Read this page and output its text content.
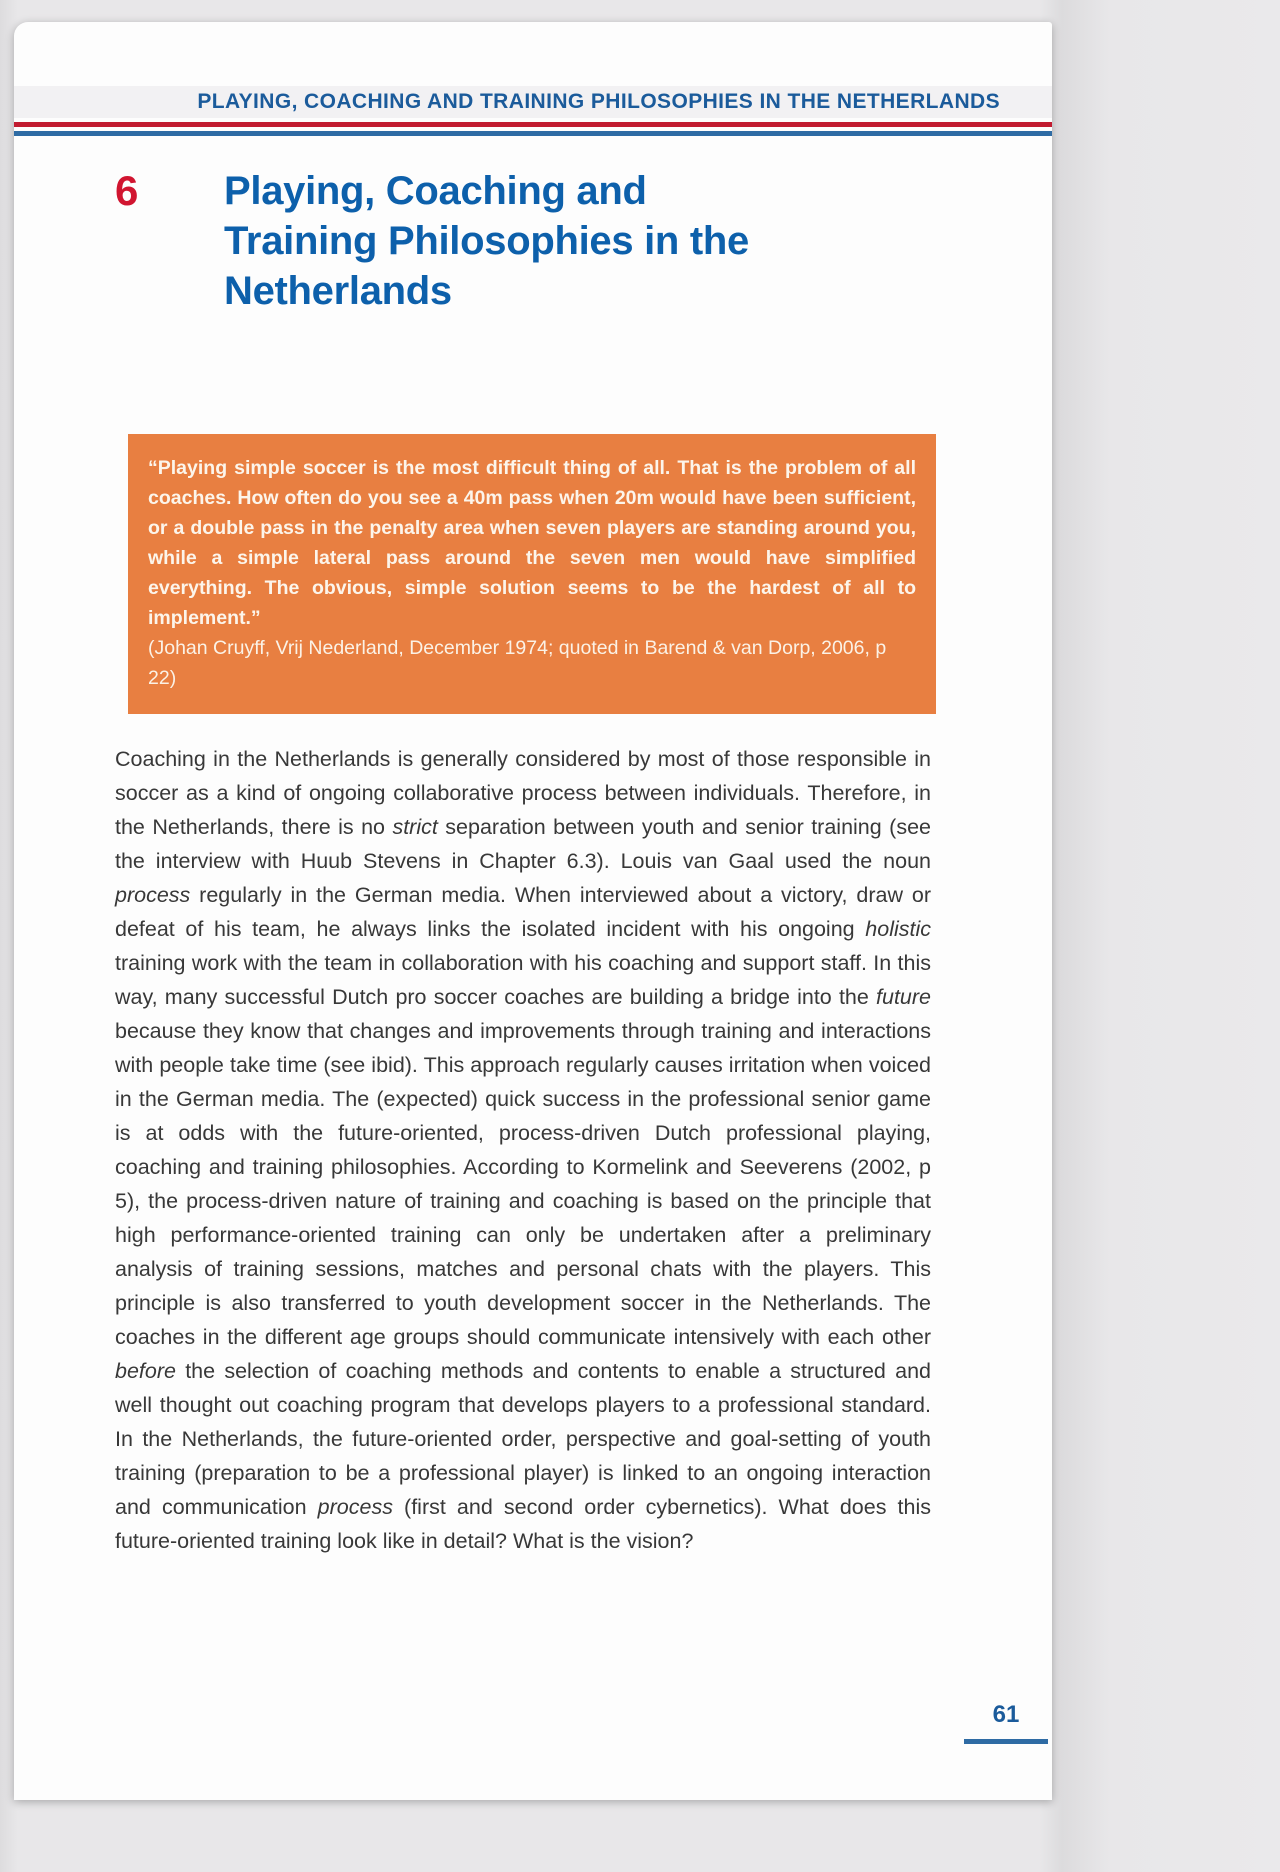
PLAYING, COACHING AND TRAINING PHILOSOPHIES IN THE NETHERLANDS
6	Playing, Coaching and Training Philosophies in the Netherlands

“Playing simple soccer is the most difficult thing of all. That is the problem of all coaches. How often do you see a 40m pass when 20m would have been sufficient, or a double pass in the penalty area when seven players are standing around you, while a simple lateral pass around the seven men would have simplified everything. The obvious, simple solution seems to be the hardest of all to implement.”

(Johan Cruyff, Vrij Nederland, December 1974; quoted in Barend & van Dorp, 2006, p 22)

Coaching in the Netherlands is generally considered by most of those responsible in soccer as a kind of ongoing collaborative process between individuals. Therefore, in the Netherlands, there is no strict separation between youth and senior training (see the interview with Huub Stevens in Chapter 6.3). Louis van Gaal used the noun process regularly in the German media. When interviewed about a victory, draw or defeat of his team, he always links the isolated incident with his ongoing holistic training work with the team in collaboration with his coaching and support staff. In this way, many successful Dutch pro soccer coaches are building a bridge into the future because they know that changes and improvements through training and interactions with people take time (see ibid). This approach regularly causes irritation when voiced in the German media. The (expected) quick success in the professional senior game is at odds with the future-oriented, process-driven Dutch professional playing, coaching and training philosophies. According to Kormelink and Seeverens (2002, p 5), the process-driven nature of training and coaching is based on the principle that high performance-oriented training can only be undertaken after a preliminary analysis of training sessions, matches and personal chats with the players. This principle is also transferred to youth development soccer in the Netherlands. The coaches in the different age groups should communicate intensively with each other before the selection of coaching methods and contents to enable a structured and well thought out coaching program that develops players to a professional standard. In the Netherlands, the future-oriented order, perspective and goal-setting of youth training (preparation to be a professional player) is linked to an ongoing interaction and communication process (first and second order cybernetics). What does this future-oriented training look like in detail? What is the vision?

61
